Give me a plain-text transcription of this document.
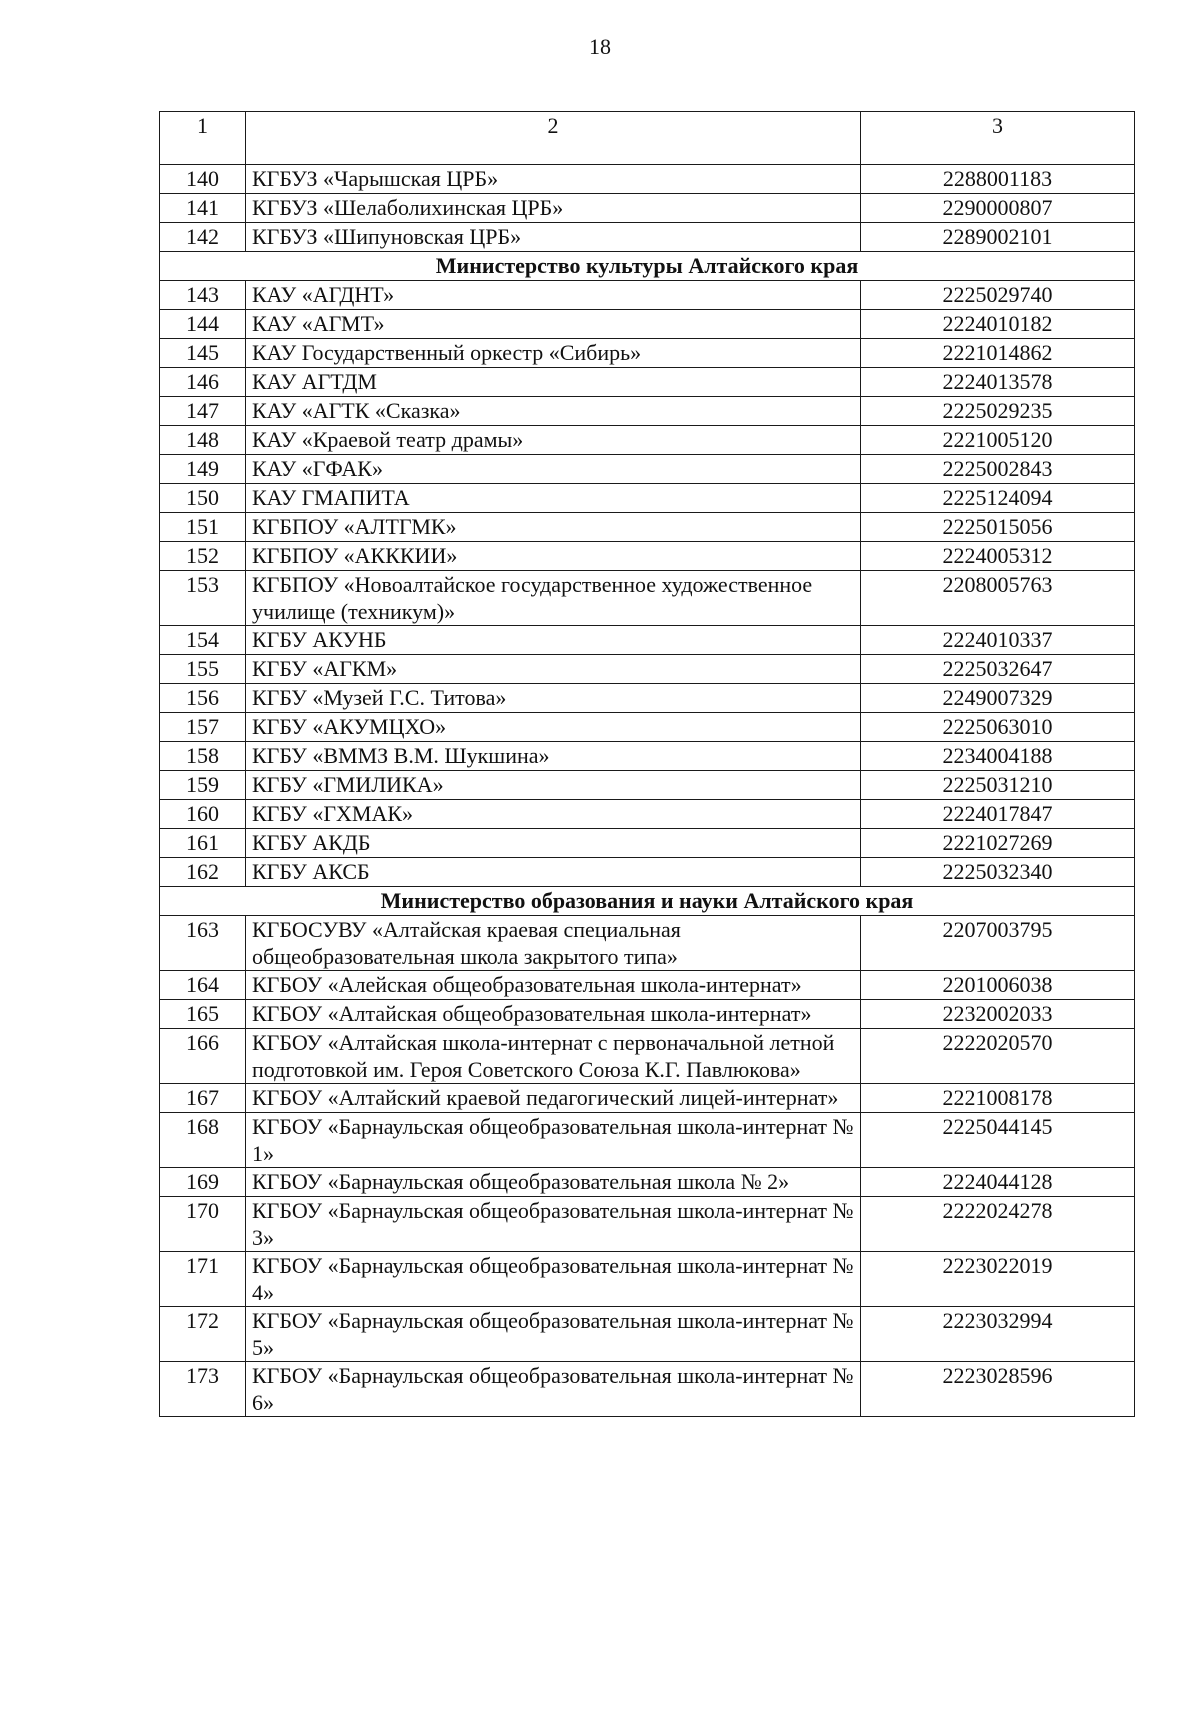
18
1	2	3
140	КГБУЗ «Чарышская ЦРБ»	2288001183
141	КГБУЗ «Шелаболихинская ЦРБ»	2290000807
142	КГБУЗ «Шипуновская ЦРБ»	2289002101
Министерство культуры Алтайского края		
143	КАУ «АГДНТ»	2225029740
144	КАУ «АГМТ»	2224010182
145	КАУ Государственный оркестр «Сибирь»	2221014862
146	КАУ АГТДМ	2224013578
147	КАУ «АГТК «Сказка»	2225029235
148	КАУ «Краевой театр драмы»	2221005120
149	КАУ «ГФАК»	2225002843
150	КАУ ГМАПИТА	2225124094
151	КГБПОУ «АЛТГМК»	2225015056
152	КГБПОУ «АКККИИ»	2224005312
153	КГБПОУ «Новоалтайское государственное художественное училище (техникум)»	2208005763
154	КГБУ АКУНБ	2224010337
155	КГБУ «АГКМ»	2225032647
156	КГБУ «Музей Г.С. Титова»	2249007329
157	КГБУ «АКУМЦХО»	2225063010
158	КГБУ «ВММЗ В.М. Шукшина»	2234004188
159	КГБУ «ГМИЛИКА»	2225031210
160	КГБУ «ГХМАК»	2224017847
161	КГБУ АКДБ	2221027269
162	КГБУ АКСБ	2225032340
Министерство образования и науки Алтайского края		
163	КГБОСУВУ «Алтайская краевая специальная общеобразовательная школа закрытого типа»	2207003795
164	КГБОУ «Алейская общеобразовательная школа-интернат»	2201006038
165	КГБОУ «Алтайская общеобразовательная школа-интернат»	2232002033
166	КГБОУ «Алтайская школа-интернат с первоначальной летной подготовкой им. Героя Советского Союза К.Г. Павлюкова»	2222020570
167	КГБОУ «Алтайский краевой педагогический лицей-интернат»	2221008178
168	КГБОУ «Барнаульская общеобразовательная школа-интернат № 1»	2225044145
169	КГБОУ «Барнаульская общеобразовательная школа № 2»	2224044128
170	КГБОУ «Барнаульская общеобразовательная школа-интернат № 3»	2222024278
171	КГБОУ «Барнаульская общеобразовательная школа-интернат № 4»	2223022019
172	КГБОУ «Барнаульская общеобразовательная школа-интернат № 5»	2223032994
173	КГБОУ «Барнаульская общеобразовательная школа-интернат № 6»	2223028596
